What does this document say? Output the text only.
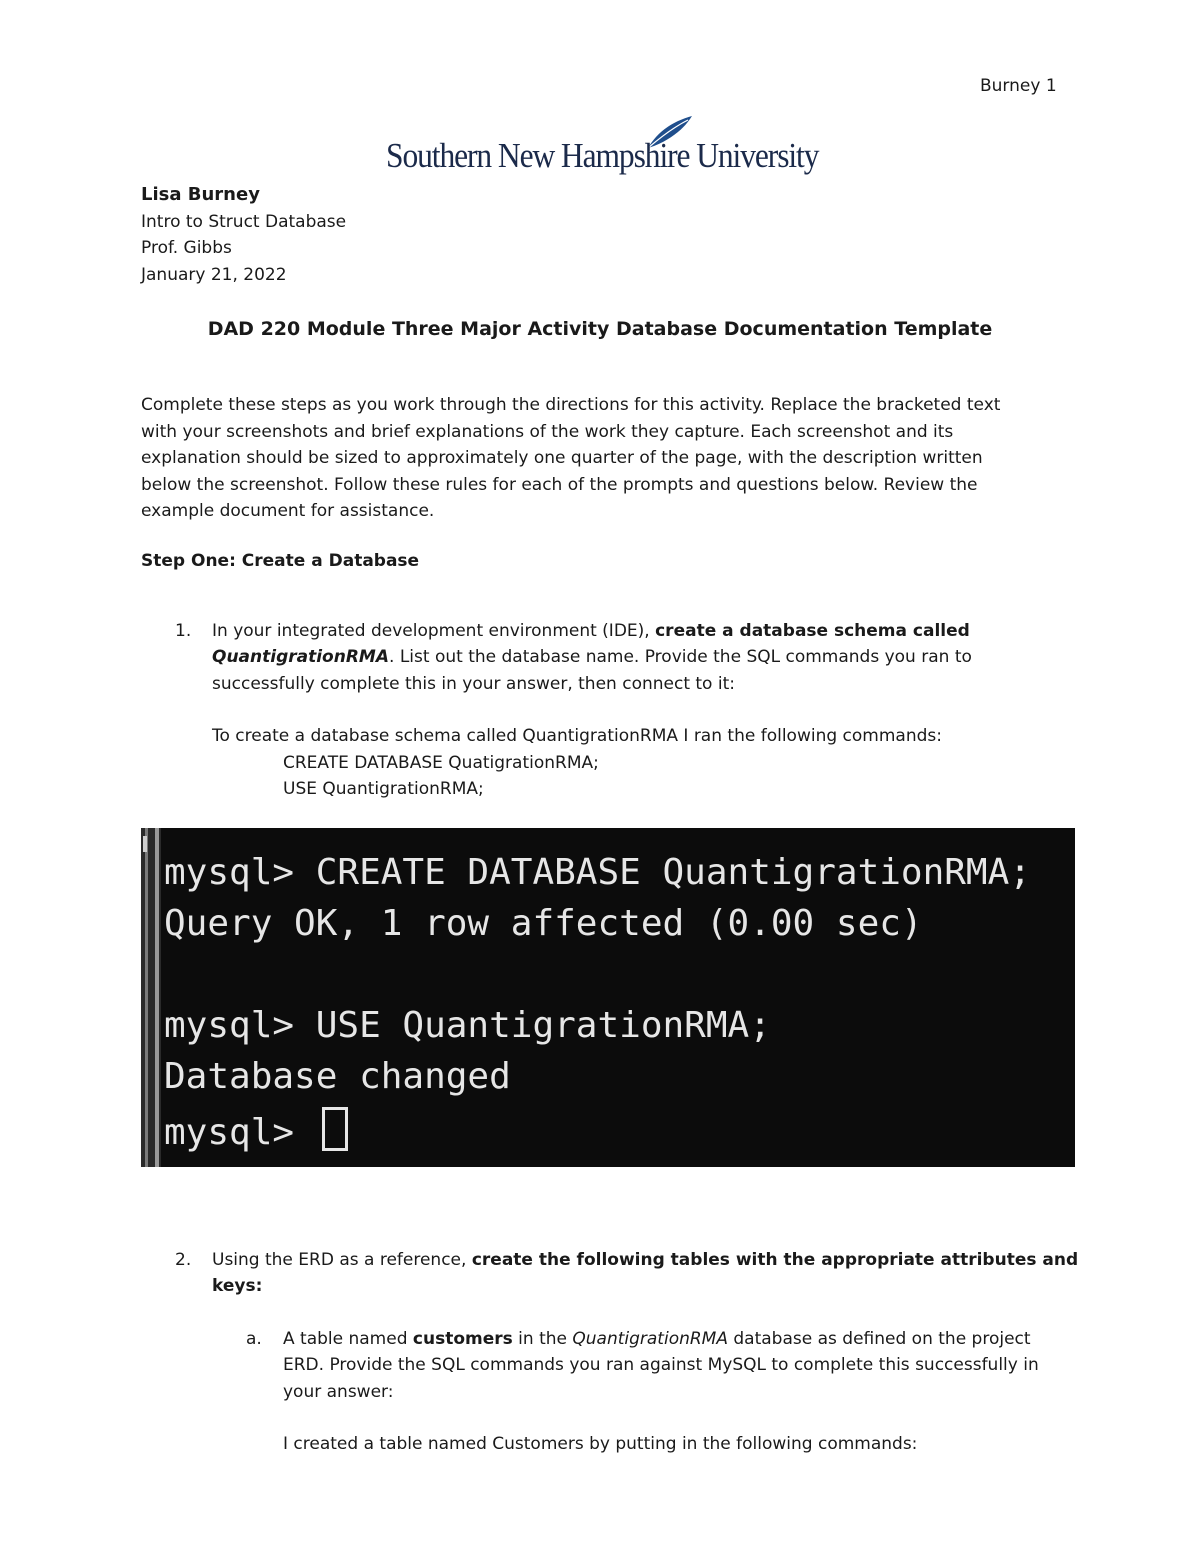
Burney 1
Southern New Hampshire University
Lisa Burney
Intro to Struct Database
Prof. Gibbs
January 21, 2022
DAD 220 Module Three Major Activity Database Documentation Template
Complete these steps as you work through the directions for this activity. Replace the bracketed text
with your screenshots and brief explanations of the work they capture. Each screenshot and its
explanation should be sized to approximately one quarter of the page, with the description written
below the screenshot. Follow these rules for each of the prompts and questions below. Review the
example document for assistance.
Step One: Create a Database
1. In your integrated development environment (IDE), create a database schema called
QuantigrationRMA. List out the database name. Provide the SQL commands you ran to
successfully complete this in your answer, then connect to it:
To create a database schema called QuantigrationRMA I ran the following commands:
CREATE DATABASE QuatigrationRMA;
USE QuantigrationRMA;
mysql> CREATE DATABASE QuantigrationRMA;
Query OK, 1 row affected (0.00 sec)
mysql> USE QuantigrationRMA;
Database changed
mysql>
2. Using the ERD as a reference, create the following tables with the appropriate attributes and
keys:
a. A table named customers in the QuantigrationRMA database as defined on the project
ERD. Provide the SQL commands you ran against MySQL to complete this successfully in
your answer:
I created a table named Customers by putting in the following commands:
